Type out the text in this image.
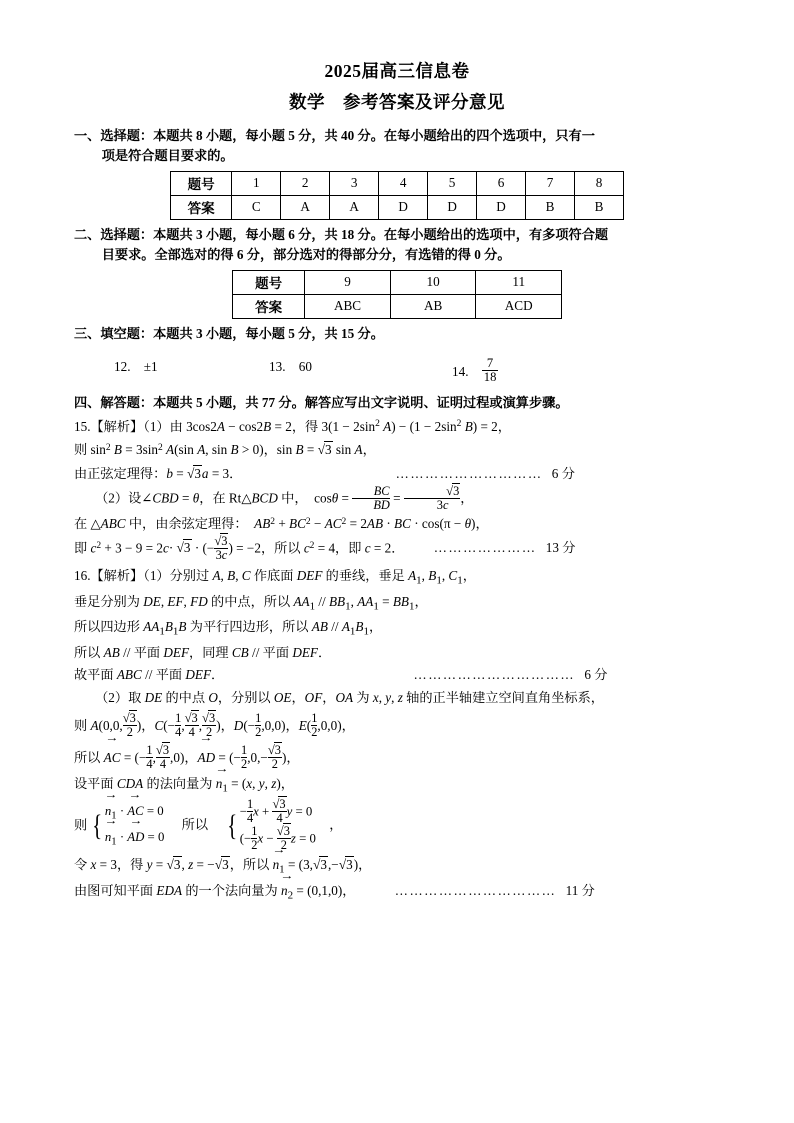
2025届高三信息卷
数学　参考答案及评分意见
一、选择题：本题共 8 小题，每小题 5 分，共 40 分。在每小题给出的四个选项中，只有一
项是符合题目要求的。
题号	1	2	3	4	5	6	7	8
答案	C	A	A	D	D	D	B	B
二、选择题：本题共 3 小题，每小题 6 分，共 18 分。在每小题给出的选项中，有多项符合题
目要求。全部选对的得 6 分，部分选对的得部分分，有选错的得 0 分。
题号	9	10	11
答案	ABC	AB	ACD
三、填空题：本题共 3 小题，每小题 5 分，共 15 分。
12. ±1	13. 60	14. $\frac{7}{18}$
四、解答题：本题共 5 小题，共 77 分。解答应写出文字说明、证明过程或演算步骤。
15.【解析】（1）由 3cos2A − cos2B = 2，得 $3(1 - 2\sin^2$ $A) - (1 - 2\sin^2$ B) = 2，
则 $\sin^2 B = 3\sin^2$ A(sin A, sin B > 0)，sin B = √3 sin A，
由正弦定理得：b = √3a = 3．	………………………… 6 分
（2）设∠CBD = θ，在 Rt△BCD 中，　$\cos\theta = \frac{BC}{BD} = \frac{√3}{3c}$ ，
在 △ABC 中，由余弦定理得：　$AB^2 + BC^2 - AC^2 = 2AB$ · BC · cos(π − θ)，
即 $c^2 + 3 - 9 = 2c\cdot √3$ · (− $\frac{√3}{3c}$ ) = −2，所以 $c^2 = 4$，即 c = 2． ………………… 13 分
16.【解析】（1）分别过 A, B, C 作底面 DEF 的垂线，垂足 $A_1$, $B_1$, $C_1$，
垂足分别为 DE, EF, FD 的中点，所以 $AA_1 // BB_1$, $AA_1 = BB_1$，
所以四边形 $AA_1B_1B$ 为平行四边形，所以 AB // $A_1B_1$，
所以 AB // 平面 DEF，同理 CB // 平面 DEF．
故平面 ABC // 平面 DEF．	…………………………… 6 分
（2）取 DE 的中点 O，分别以 OE，OF，OA 为 x, y, z 轴的正半轴建立空间直角坐标系，
则 A(0,0, $\frac{√3}{2}$ )，$C(- \frac{1}{4}$ , $\frac{√3}{4}$ , $\frac{√3}{2}$ )，$D(- \frac{1}{2} ,0,0)$，$E( \frac{1}{2} ,0,0)$，
所以 → AC = (− $\frac{1}{4}$ , $\frac{√3}{4} ,0$)，→ AD = (− $\frac{1}{2} ,0,- \frac{√3}{2}$ )，
设平面 CDA 的法向量为 → $n_1 = (x$, y, z)，
则 { → $n_1$ · → AC = 0
→ $n_1$ · → AD = 0
所以 { − $\frac{1}{4}$ $x + \frac{√3}{4}$ y = 0
(− $\frac{1}{2}$ $x - \frac{√3}{2}$ z = 0
，
令 x = 3，得 y = √3, z = −√3，所以 → $n_1 = (3,√3,-√3)$，
由图可知平面 EDA 的一个法向量为 → $n_2 = (0,1,0)$，	…………………………… 11 分
